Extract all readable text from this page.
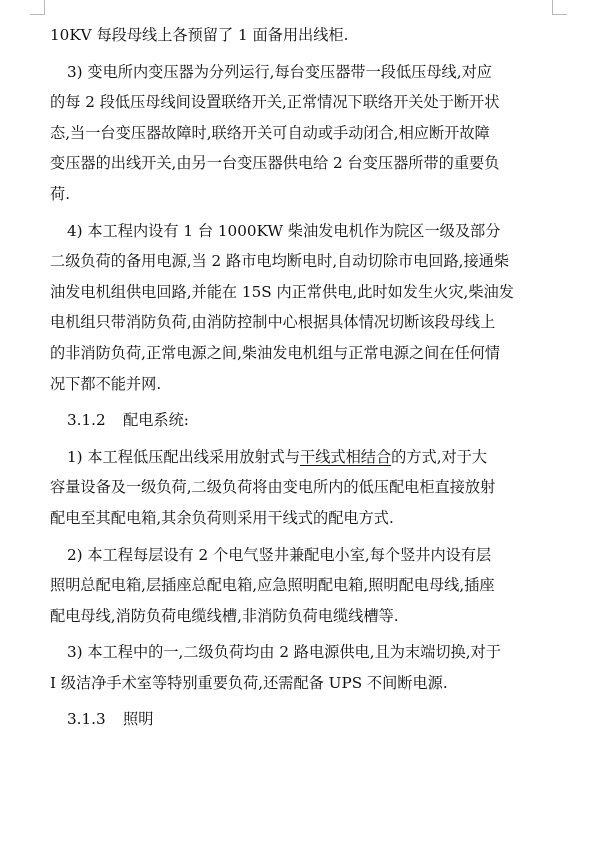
10KV 每段母线上各预留了 1 面备用出线柜.
3) 变电所内变压器为分列运行,每台变压器带一段低压母线,对应
的每 2 段低压母线间设置联络开关,正常情况下联络开关处于断开状
态,当一台变压器故障时,联络开关可自动或手动闭合,相应断开故障
变压器的出线开关,由另一台变压器供电给 2 台变压器所带的重要负
荷.
4) 本工程内设有 1 台 1000KW 柴油发电机作为院区一级及部分
二级负荷的备用电源,当 2 路市电均断电时,自动切除市电回路,接通柴
油发电机组供电回路,并能在 15S 内正常供电,此时如发生火灾,柴油发
电机组只带消防负荷,由消防控制中心根据具体情况切断该段母线上
的非消防负荷,正常电源之间,柴油发电机组与正常电源之间在任何情
况下都不能并网.
3.1.2 配电系统:
1) 本工程低压配出线采用放射式与干线式相结合的方式,对于大
容量设备及一级负荷,二级负荷将由变电所内的低压配电柜直接放射
配电至其配电箱,其余负荷则采用干线式的配电方式.
2) 本工程每层设有 2 个电气竖井兼配电小室,每个竖井内设有层
照明总配电箱,层插座总配电箱,应急照明配电箱,照明配电母线,插座
配电母线,消防负荷电缆线槽,非消防负荷电缆线槽等.
3) 本工程中的一,二级负荷均由 2 路电源供电,且为末端切换,对于
I 级洁净手术室等特别重要负荷,还需配备 UPS 不间断电源.
3.1.3 照明
